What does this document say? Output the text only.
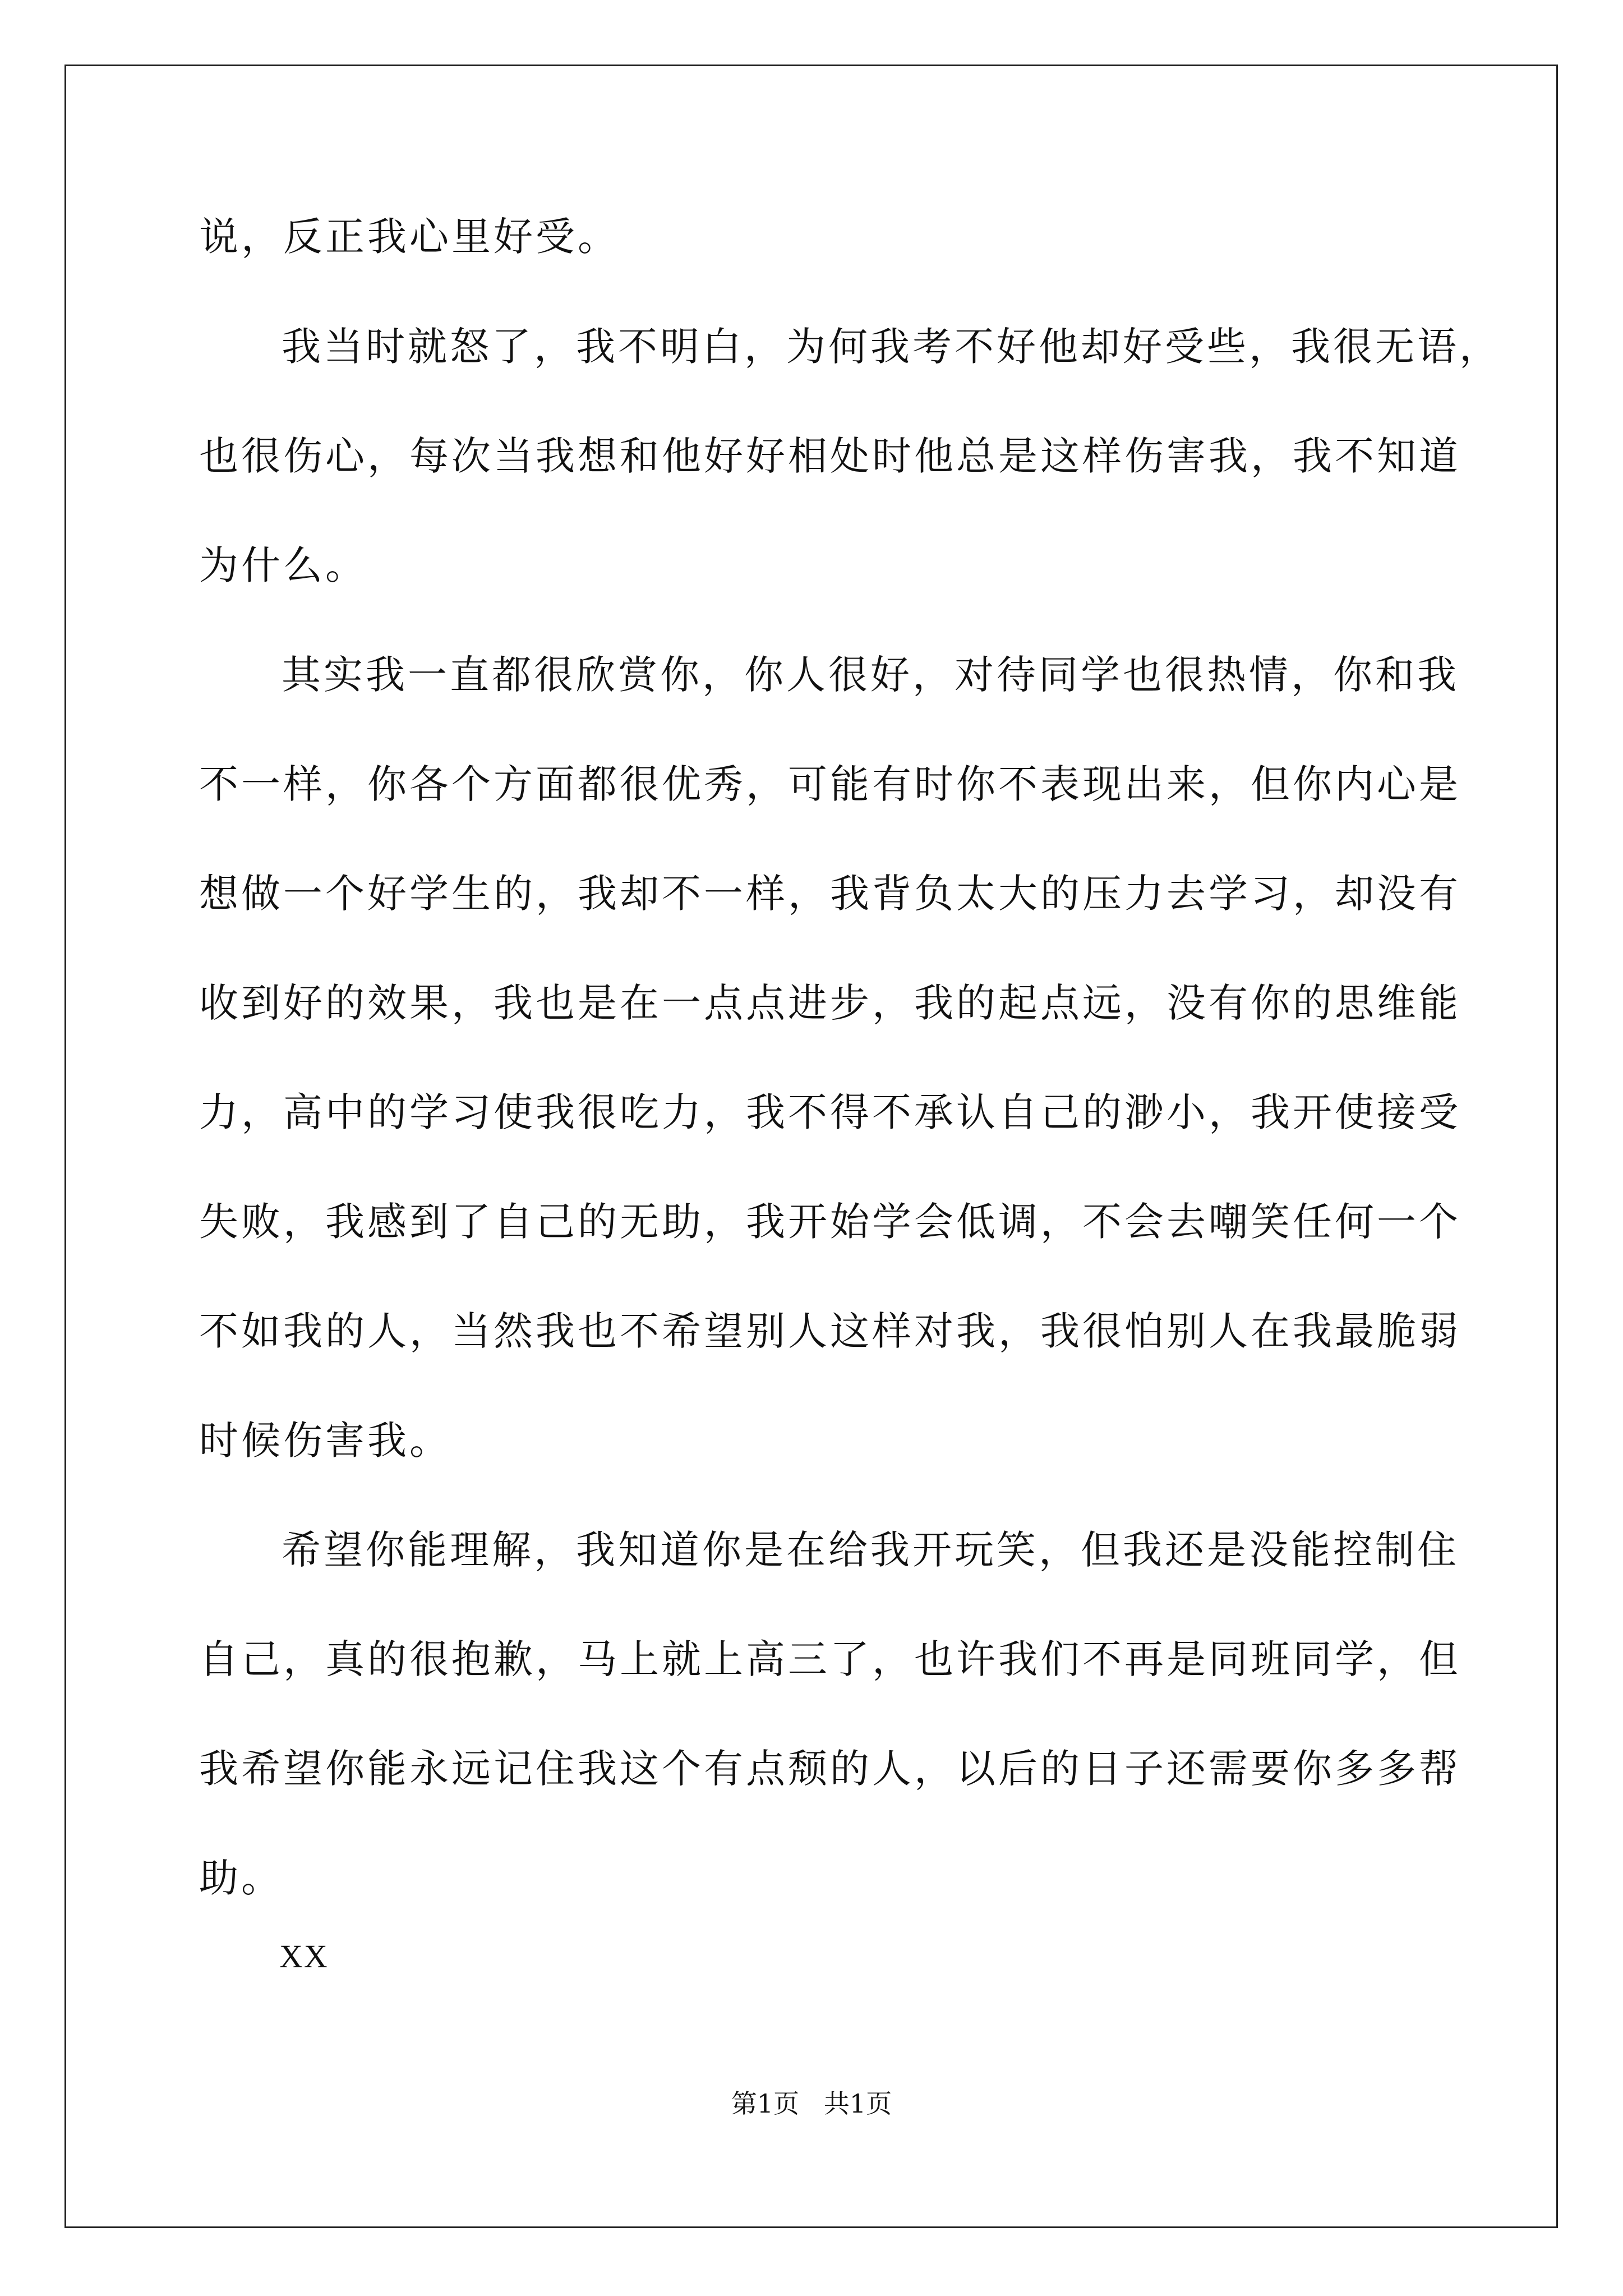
说，反正我心里好受。
我当时就怒了，我不明白，为何我考不好他却好受些，我很无语，
也很伤心，每次当我想和他好好相处时他总是这样伤害我，我不知道
为什么。
其实我一直都很欣赏你，你人很好，对待同学也很热情，你和我
不一样，你各个方面都很优秀，可能有时你不表现出来，但你内心是
想做一个好学生的，我却不一样，我背负太大的压力去学习，却没有
收到好的效果，我也是在一点点进步，我的起点远，没有你的思维能
力，高中的学习使我很吃力，我不得不承认自己的渺小，我开使接受
失败，我感到了自己的无助，我开始学会低调，不会去嘲笑任何一个
不如我的人，当然我也不希望别人这样对我，我很怕别人在我最脆弱
时候伤害我。
希望你能理解，我知道你是在给我开玩笑，但我还是没能控制住
自己，真的很抱歉，马上就上高三了，也许我们不再是同班同学，但
我希望你能永远记住我这个有点颓的人，以后的日子还需要你多多帮
助。
XX
第1页   共1页
